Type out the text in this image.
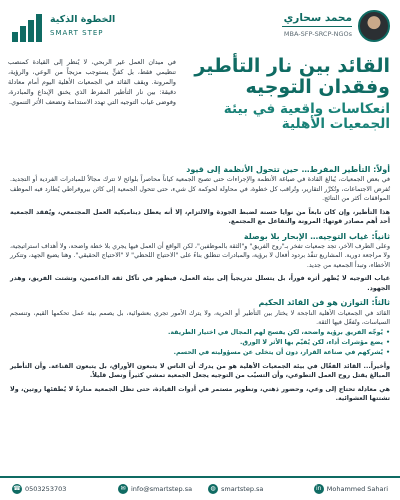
محمد سحاري
MBA-SFP-SRCP-NGOs
الخطوة الذكية
SMART STEP
القائد بين نار التأطير
وفقدان التوجيه
انعكاسات واقعية في بيئة
الجمعيات الأهلية

في ميدان العمل غير الربحي، لا يُنظر إلى القيادة كمنصب تنظيمي فقط، بل كفنٍّ يستوجب مزيجاً من الوعي، والرؤية، والمرونة. ويقف القائد في الجمعيات الأهلية اليوم أمام معادلة دقيقة: بين نار التأطير المفرط الذي يخنق الإبداع والمبادرة، وفوضى غياب التوجيه التي تهدد الاستدامة وتضعف الأثر التنموي.

أولاً: التأطير المفرط… حين تتحول الأنظمة إلى قيود

في بعض الجمعيات، يُبالغ القادة في صياغة الأنظمة والإجراءات حتى تصبح الجمعية كياناً محاصراً بلوائح لا تترك مجالاً للمبادرات الفردية أو التجديد. تُفرض الاجتماعات، وتُكرَّر التقارير، وتُراقب كل خطوة، في محاولة لحوكمة كل شيء، حتى تتحول الجمعية إلى كائن بيروقراطي يُطارد فيه الموظف المواقفات أكثر من النتائج.

هذا التأطير، وإن كان نابعاً من نوايا حسنة لضبط الجودة والالتزام، إلا أنه يعطل ديناميكية العمل المجتمعي، ويُفقد الجمعية أحد أهم مصادر قوتها: المرونة والتفاعل مع المجتمع.

ثانياً: غياب التوجيه… الإبحار بلا بوصلة

وعلى الطرف الآخر، تجد جمعيات تفخر بـ"روح الفريق" و"الثقة بالموظفين"، لكن الواقع أن العمل فيها يجري بلا خطة واضحة، ولا أهداف استراتيجية، ولا مراجعة دورية. المشاريع تنفّذ بردود أفعال لا برؤية، والمبادرات تنطلق بناءً على "الاحتياج اللحظي" لا "الاحتياج الحقيقي". وهنا يضيع الجهد، وتتكرر الأخطاء، وتبدأ الجمعية من جديد.

غياب التوجيه لا يُظهر أثره فوراً، بل يتسلل تدريجياً إلى بيئة العمل، فيظهر في تآكل ثقة الداعمين، وتشتت الفريق، وهدر الجهود.

ثالثاً: التوازن هو فن القائد الحكيم

القائد في الجمعيات الأهلية الناجحة لا يختار بين التأطير أو الحرية، ولا يترك الأمور تجري بعشوائية، بل يصمم بيئة عمل تحكمها القيم، وتنسجم السياسات، وتُفعّل فيها الثقة.

• يُوجّه الفريق برؤية واضحة، لكن يفسح لهم المجال في اختيار الطريقة.
• يضع مؤشرات أداء، لكن يُقيّم بها الأثر لا الورق.
• يُشركهم في صناعة القرار، دون أن يتخلى عن مسؤوليته في الحسم.

وأخيراً... القائد الفعّال في بيئة الجمعيات الأهلية هو من يدرك أن الناس لا يتبعون الأوراق، بل يتبعون القناعة. وأن التأطير المبالغ يقتل روح العمل التطوعي، وأن التسيّب من التوجيه يجعل الجمعية تمشي كثيراً وتصل قليلاً.

هي معادلة تحتاج إلى وعي، وحضور ذهني، وتطوير مستمر في أدوات القيادة، حتى تظل الجمعية منارةً لا يُطفئها روتين، ولا تشتتها العشوائية.

☎ 0503253703	✉ info@smartstep.sa	◍ smartstep.sa	in Mohammed Sahari
